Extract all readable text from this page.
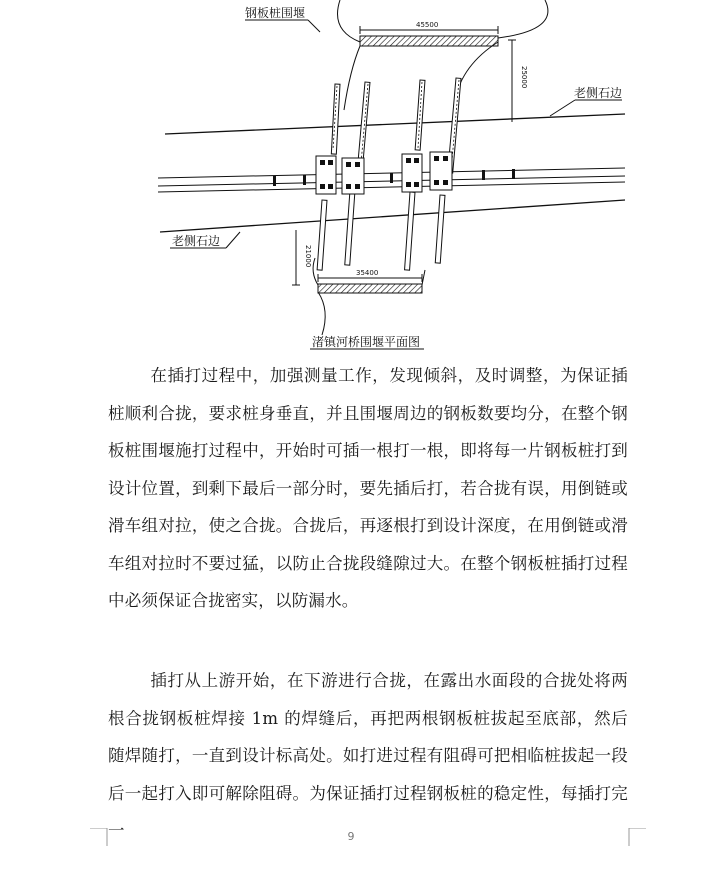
钢板桩围堰
老侧石边
老侧石边
渚镇河桥围堰平面图
45500
35400
25000
21000

在插打过程中，加强测量工作，发现倾斜，及时调整，为保证插桩顺利合拢，要求桩身垂直，并且围堰周边的钢板数要均分，在整个钢板桩围堰施打过程中，开始时可插一根打一根，即将每一片钢板桩打到设计位置，到剩下最后一部分时，要先插后打，若合拢有误，用倒链或滑车组对拉，使之合拢。合拢后，再逐根打到设计深度，在用倒链或滑车组对拉时不要过猛，以防止合拢段缝隙过大。在整个钢板桩插打过程中必须保证合拢密实，以防漏水。

插打从上游开始，在下游进行合拢，在露出水面段的合拢处将两根合拢钢板桩焊接 1m 的焊缝后，再把两根钢板桩拔起至底部，然后随焊随打，一直到设计标高处。如打进过程有阻碍可把相临桩拔起一段后一起打入即可解除阻碍。为保证插打过程钢板桩的稳定性，每插打完一	9
